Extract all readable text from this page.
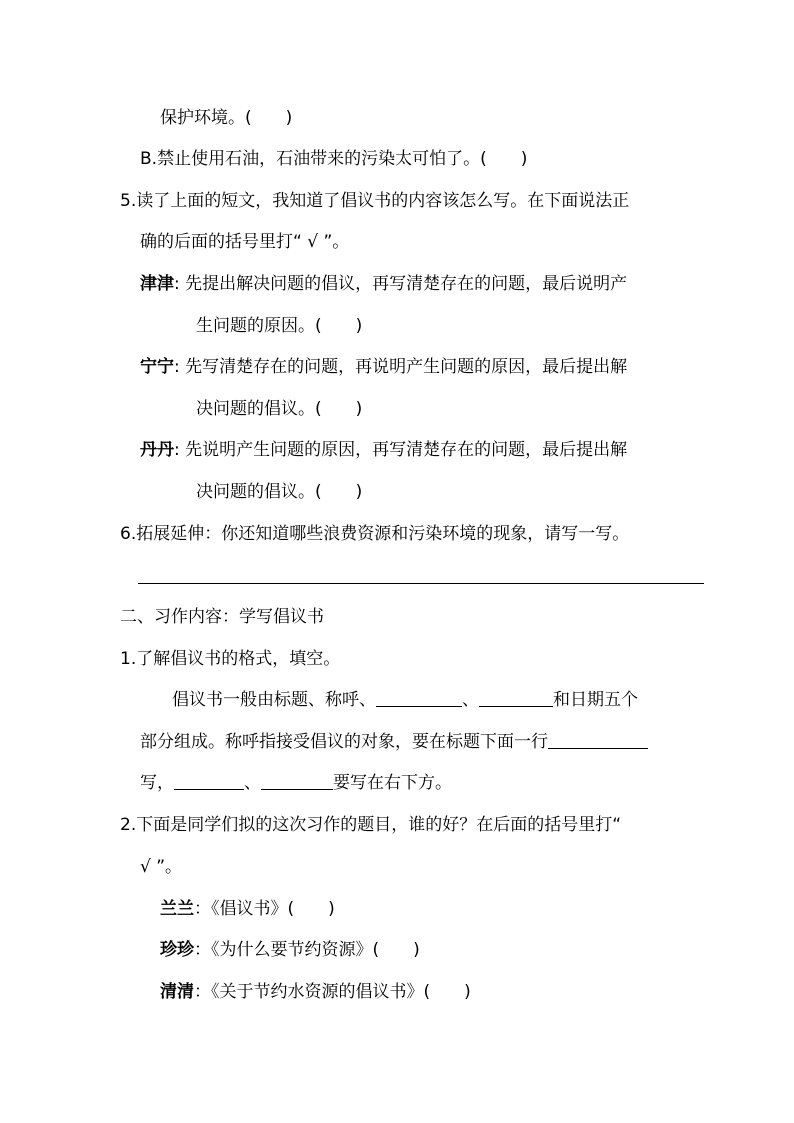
保护环境。(　　)
B.禁止使用石油，石油带来的污染太可怕了。(　　)
5.读了上面的短文，我知道了倡议书的内容该怎么写。在下面说法正
确的后面的括号里打“ √ ”。
津津: 先提出解决问题的倡议，再写清楚存在的问题，最后说明产
生问题的原因。(　　)
宁宁: 先写清楚存在的问题，再说明产生问题的原因，最后提出解
决问题的倡议。(　　)
丹丹: 先说明产生问题的原因，再写清楚存在的问题，最后提出解
决问题的倡议。(　　)
6.拓展延伸：你还知道哪些浪费资源和污染环境的现象，请写一写。
二、习作内容：学写倡议书
1.了解倡议书的格式，填空。
倡议书一般由标题、称呼、	、	和日期五个
部分组成。称呼指接受倡议的对象，要在标题下面一行
写，	、	要写在右下方。
2.下面是同学们拟的这次习作的题目，谁的好？在后面的括号里打“
√ ”。
兰兰：《倡议书》(　　)
珍珍：《为什么要节约资源》(　　)
清清：《关于节约水资源的倡议书》(　　)
